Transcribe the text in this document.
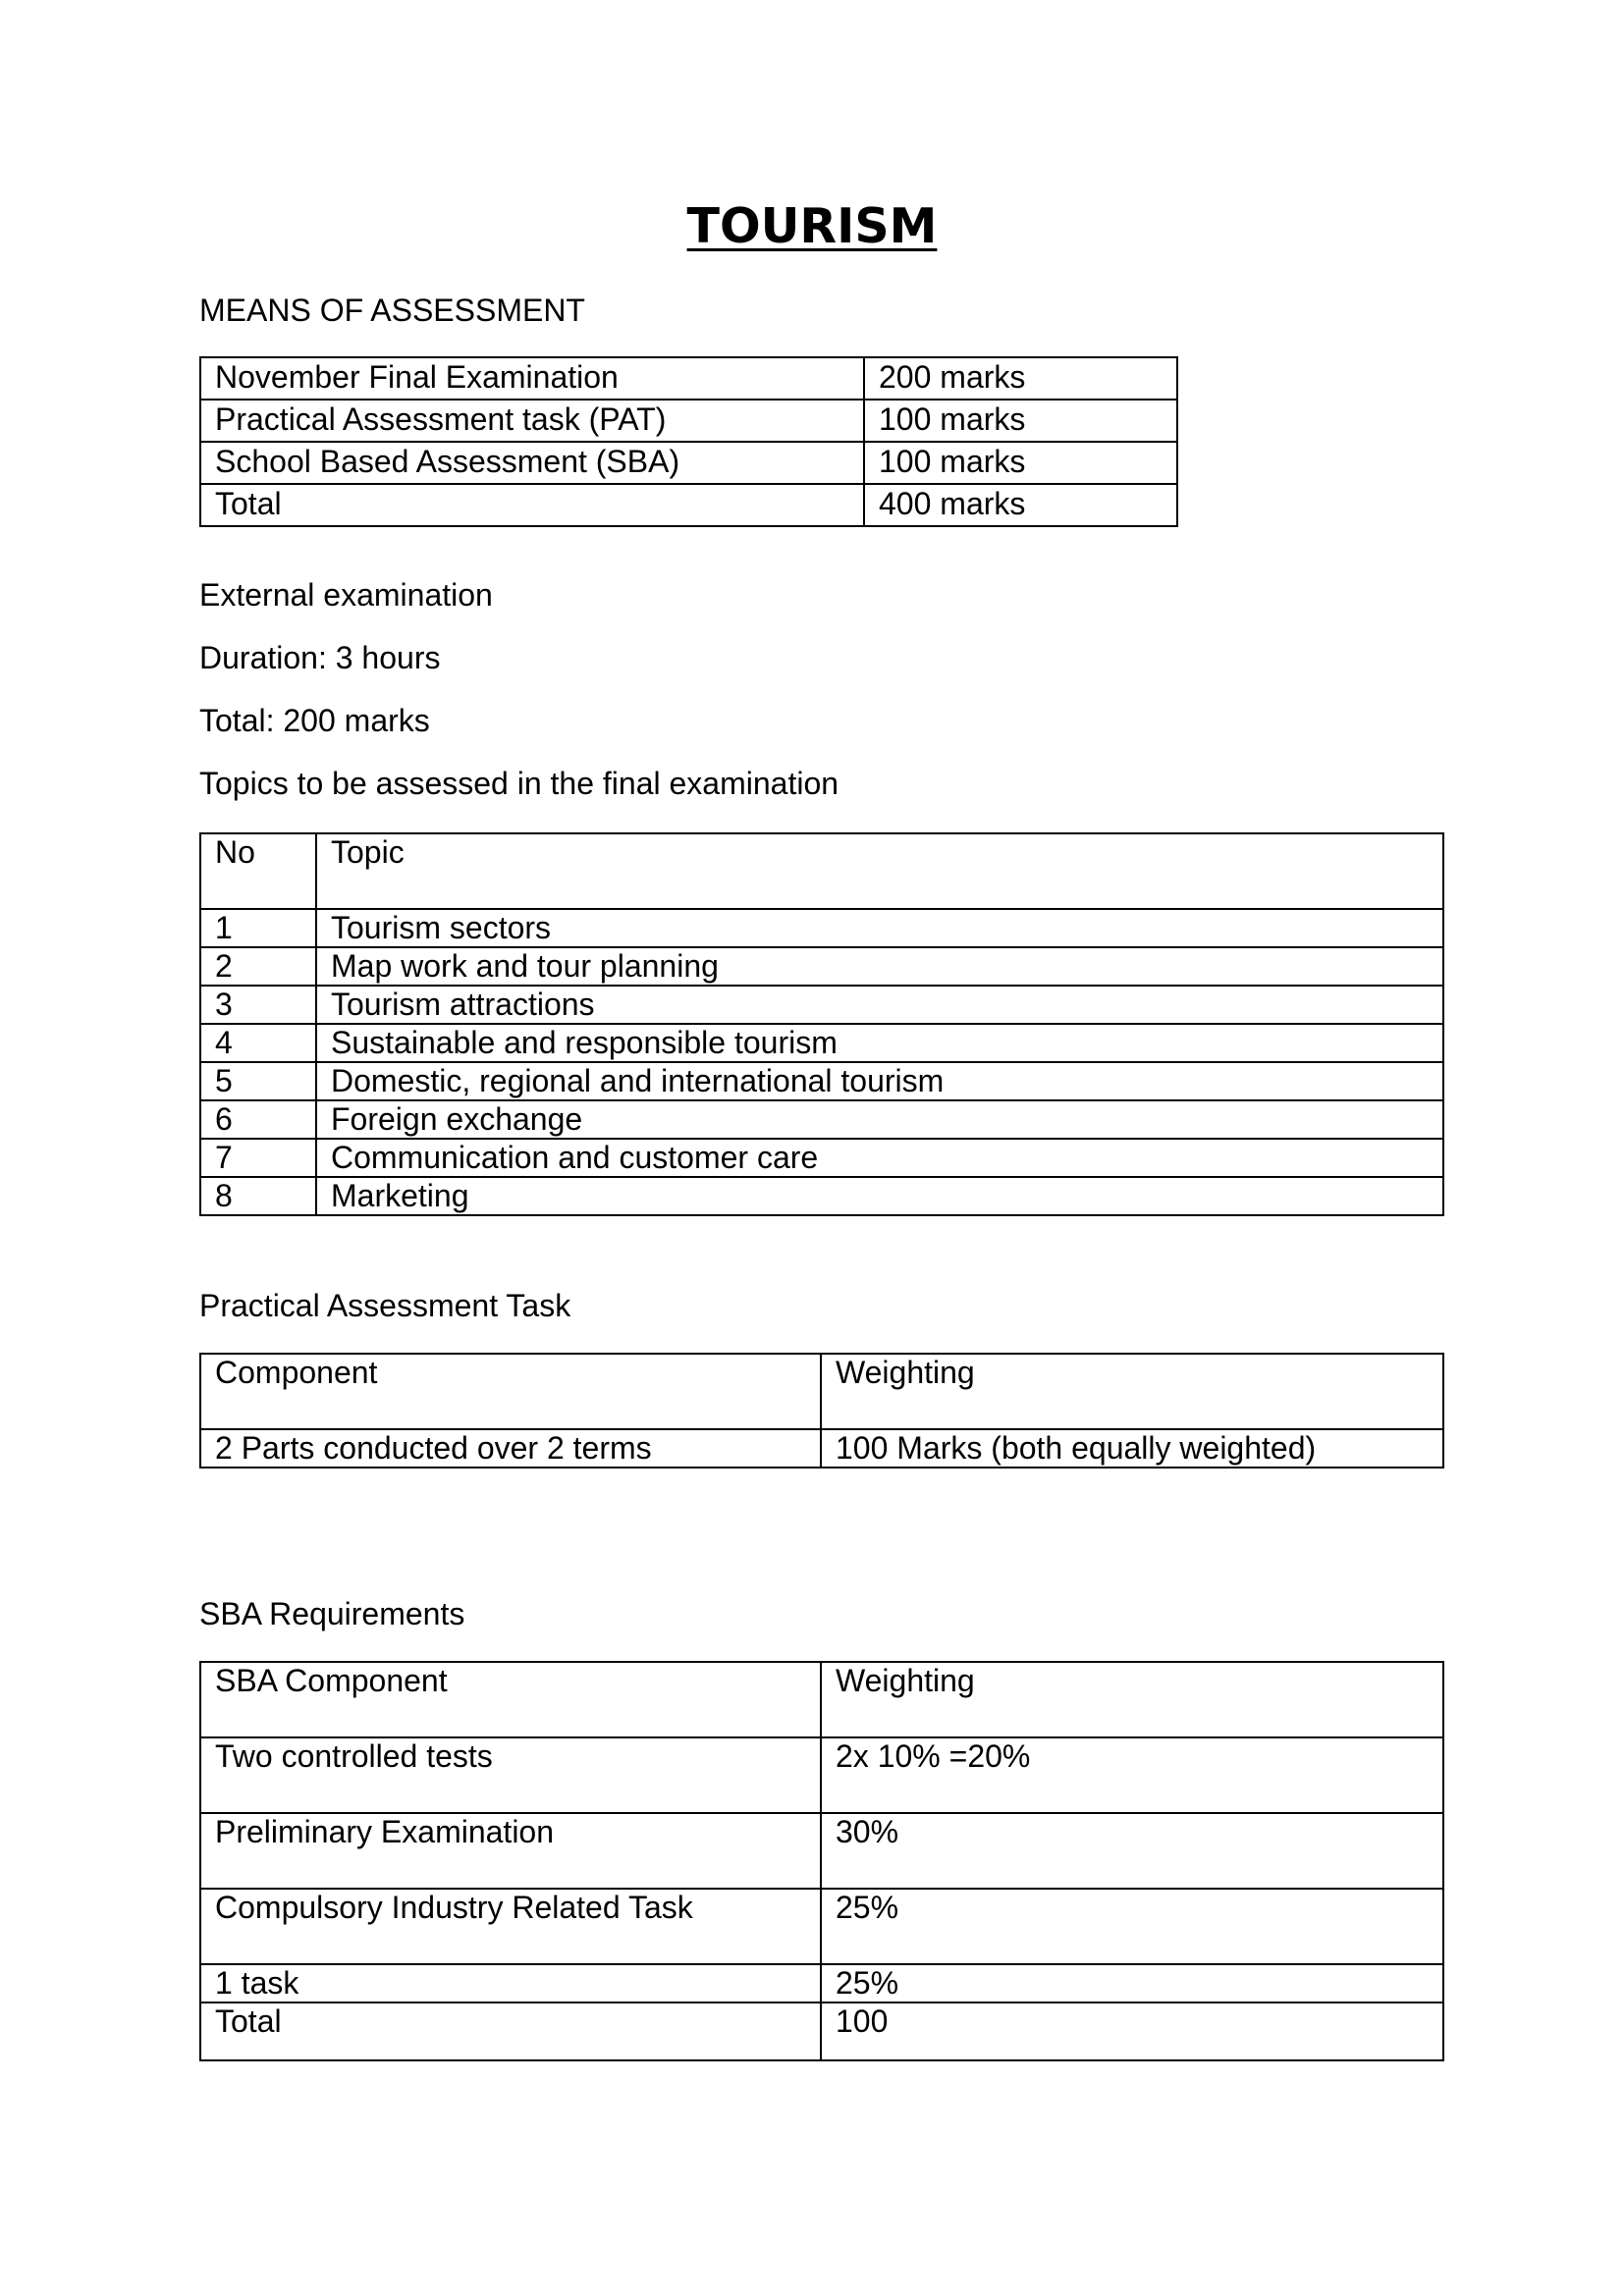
TOURISM
MEANS OF ASSESSMENT
November Final Examination	200 marks
Practical Assessment task (PAT)	100 marks
School Based Assessment (SBA)	100 marks
Total	400 marks
External examination
Duration: 3 hours
Total: 200 marks
Topics to be assessed in the final examination
No	Topic
1	Tourism sectors
2	Map work and tour planning
3	Tourism attractions
4	Sustainable and responsible tourism
5	Domestic, regional and international tourism
6	Foreign exchange
7	Communication and customer care
8	Marketing
Practical Assessment Task
Component	Weighting
2 Parts conducted over 2 terms	100 Marks (both equally weighted)
SBA Requirements
SBA Component	Weighting
Two controlled tests	2x 10% =20%
Preliminary Examination	30%
Compulsory Industry Related Task	25%
1 task	25%
Total	100
